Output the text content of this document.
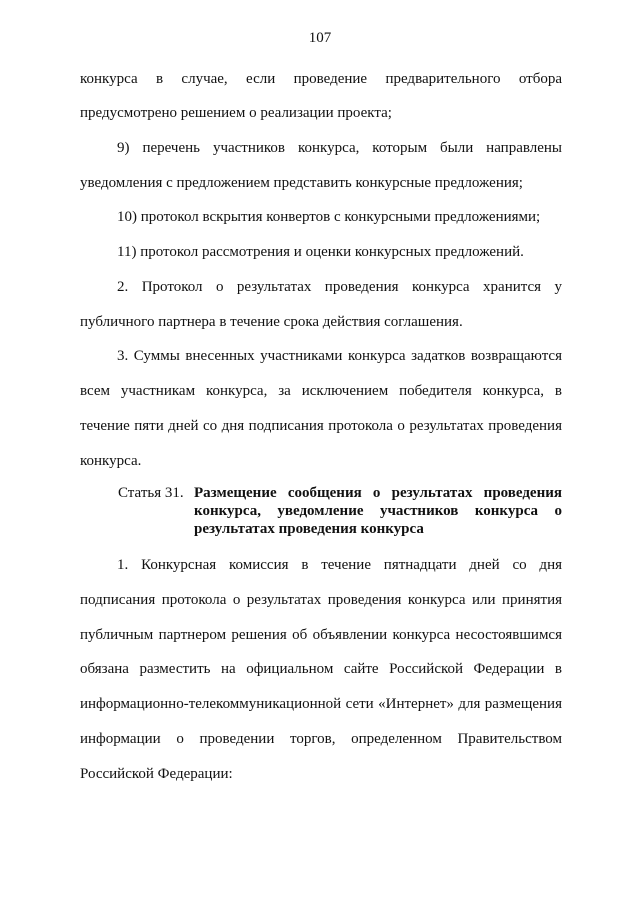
107
конкурса в случае, если проведение предварительного отбора
предусмотрено решением о реализации проекта;
9) перечень участников конкурса, которым были направлены
уведомления с предложением представить конкурсные предложения;
10) протокол вскрытия конвертов с конкурсными предложениями;
11) протокол рассмотрения и оценки конкурсных предложений.
2. Протокол о результатах проведения конкурса хранится у
публичного партнера в течение срока действия соглашения.
3. Суммы внесенных участниками конкурса задатков возвращаются
всем участникам конкурса, за исключением победителя конкурса, в
течение пяти дней со дня подписания протокола о результатах проведения
конкурса.
Статья 31. Размещение сообщения о результатах проведения
конкурса, уведомление участников конкурса о
результатах проведения конкурса
1. Конкурсная комиссия в течение пятнадцати дней со дня
подписания протокола о результатах проведения конкурса или принятия
публичным партнером решения об объявлении конкурса несостоявшимся
обязана разместить на официальном сайте Российской Федерации в
информационно-телекоммуникационной сети «Интернет» для размещения
информации о проведении торгов, определенном Правительством
Российской Федерации:
